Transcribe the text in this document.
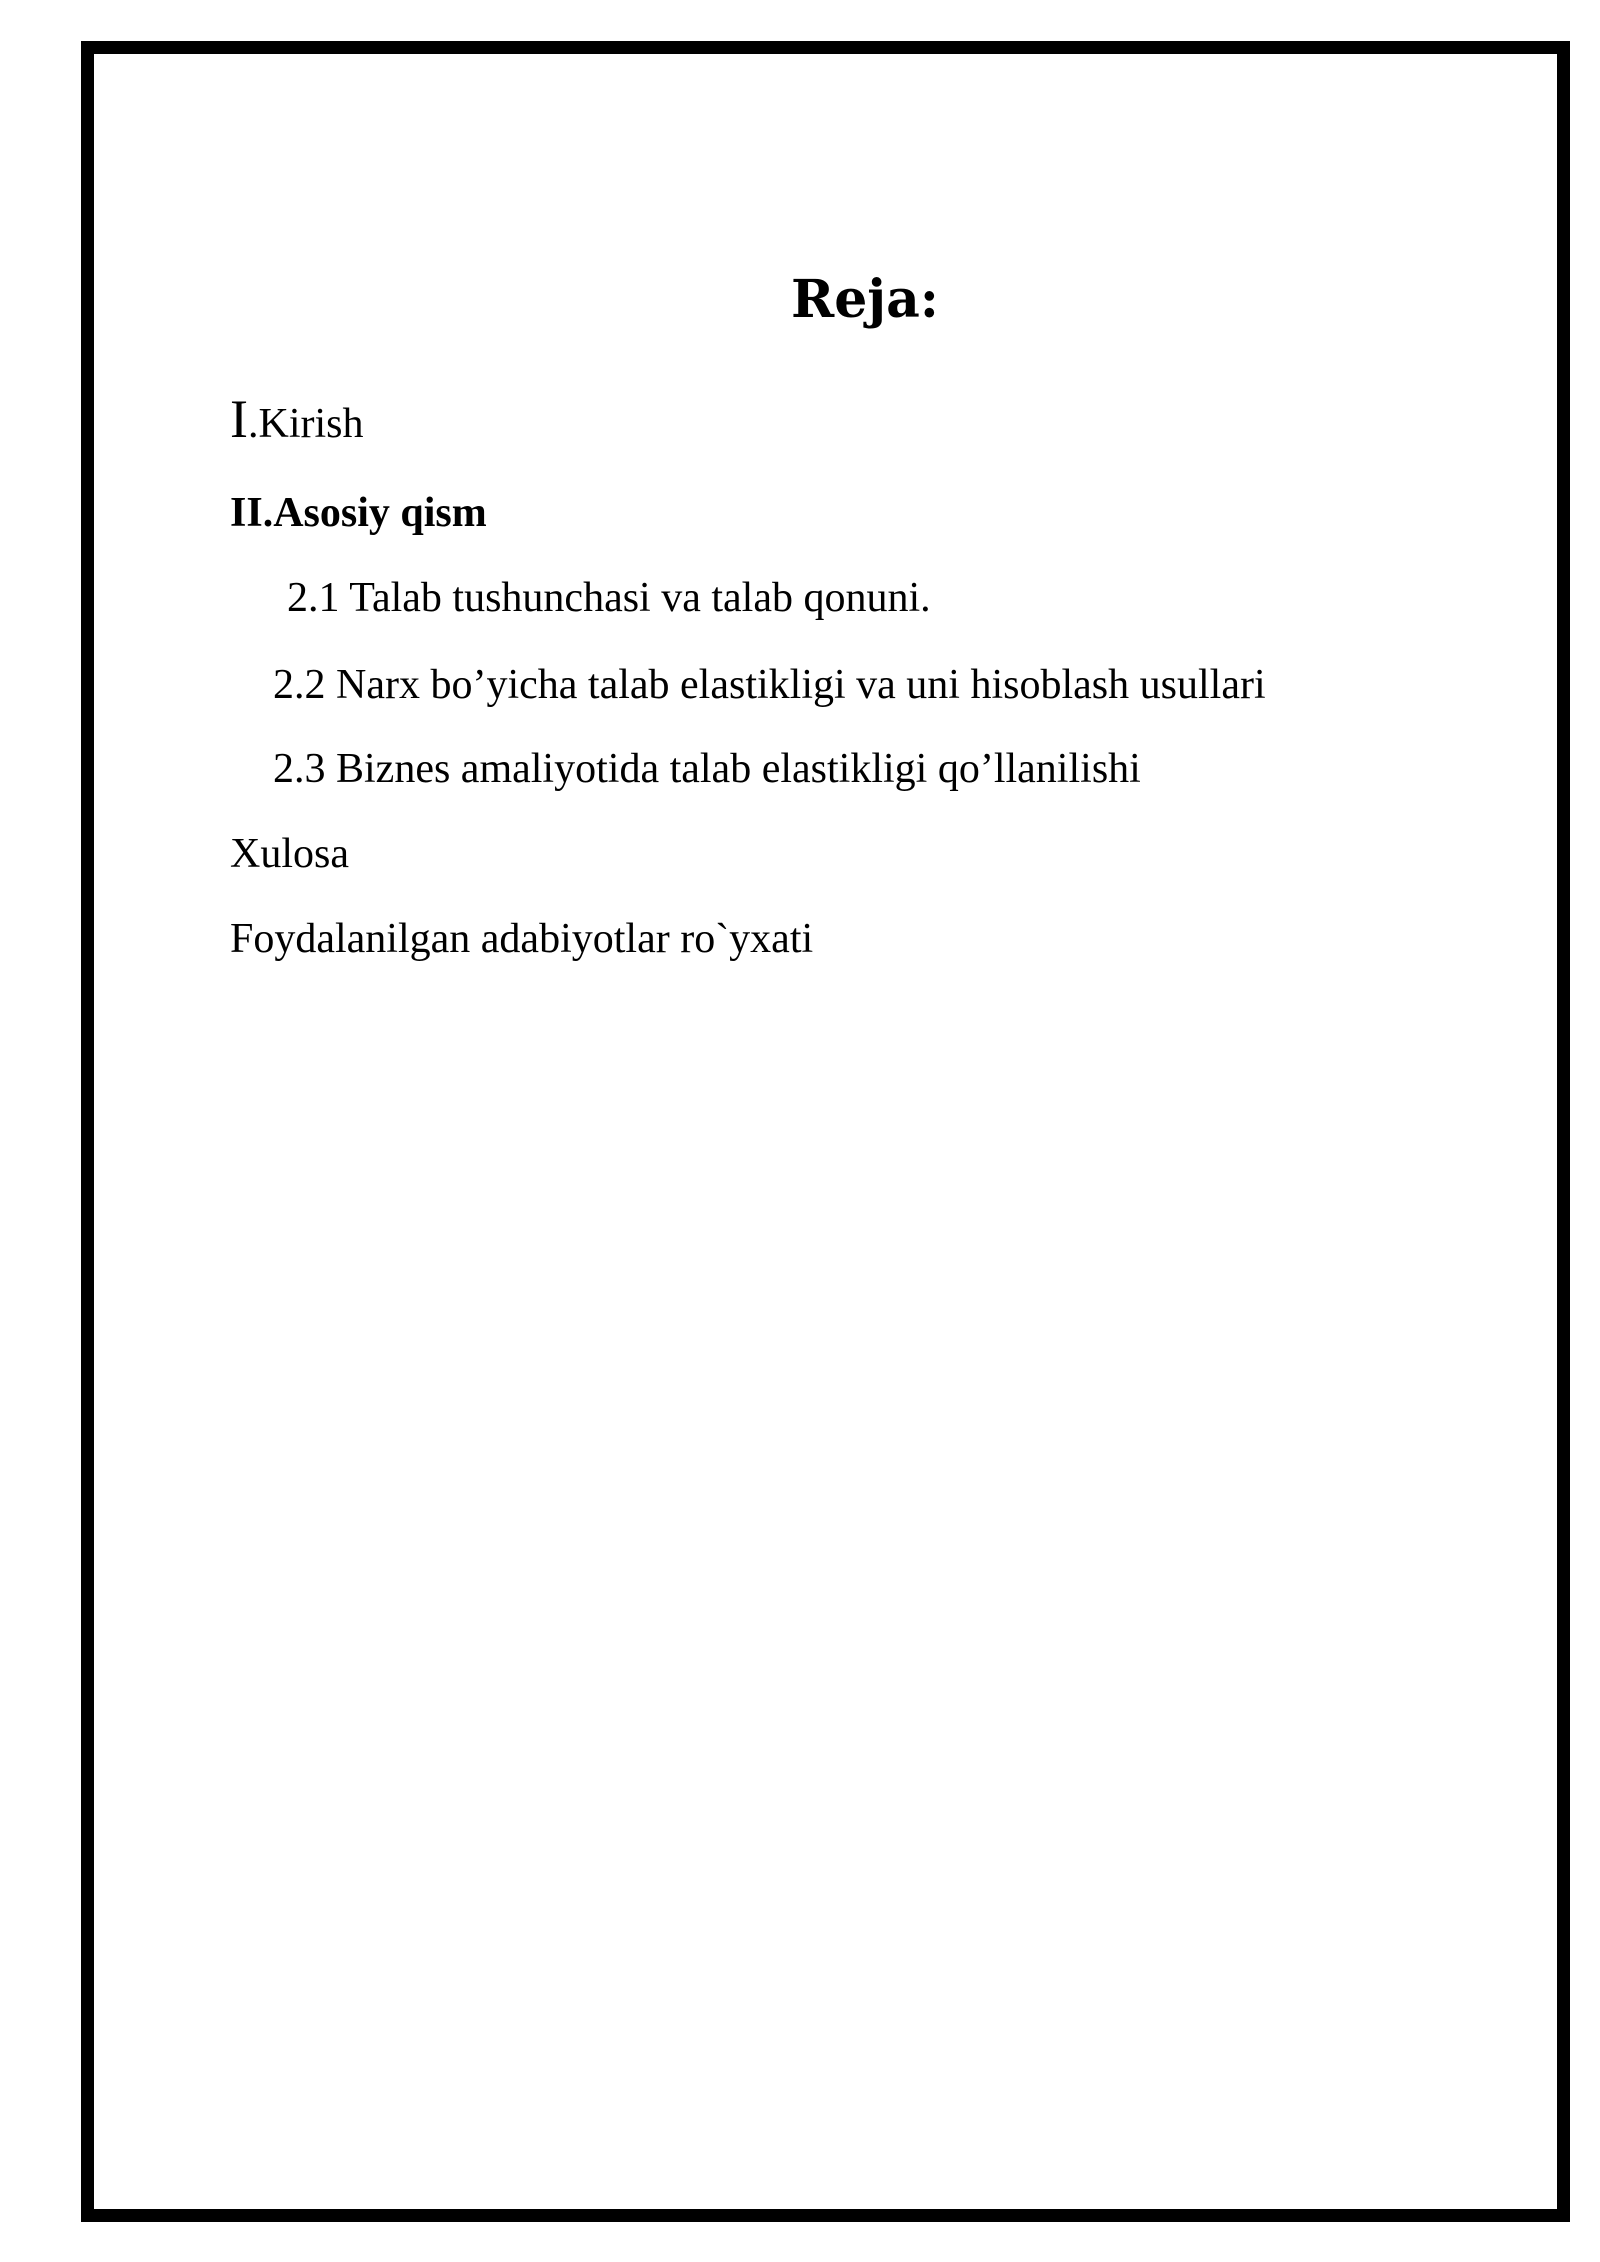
Reja:
I.Kirish
II.Asosiy qism
2.1 Talab tushunchasi va talab qonuni.
2.2 Narx bo’yicha talab elastikligi va uni hisoblash usullari
2.3 Biznes amaliyotida talab elastikligi qo’llanilishi
Xulosa
Foydalanilgan adabiyotlar ro`yxati
